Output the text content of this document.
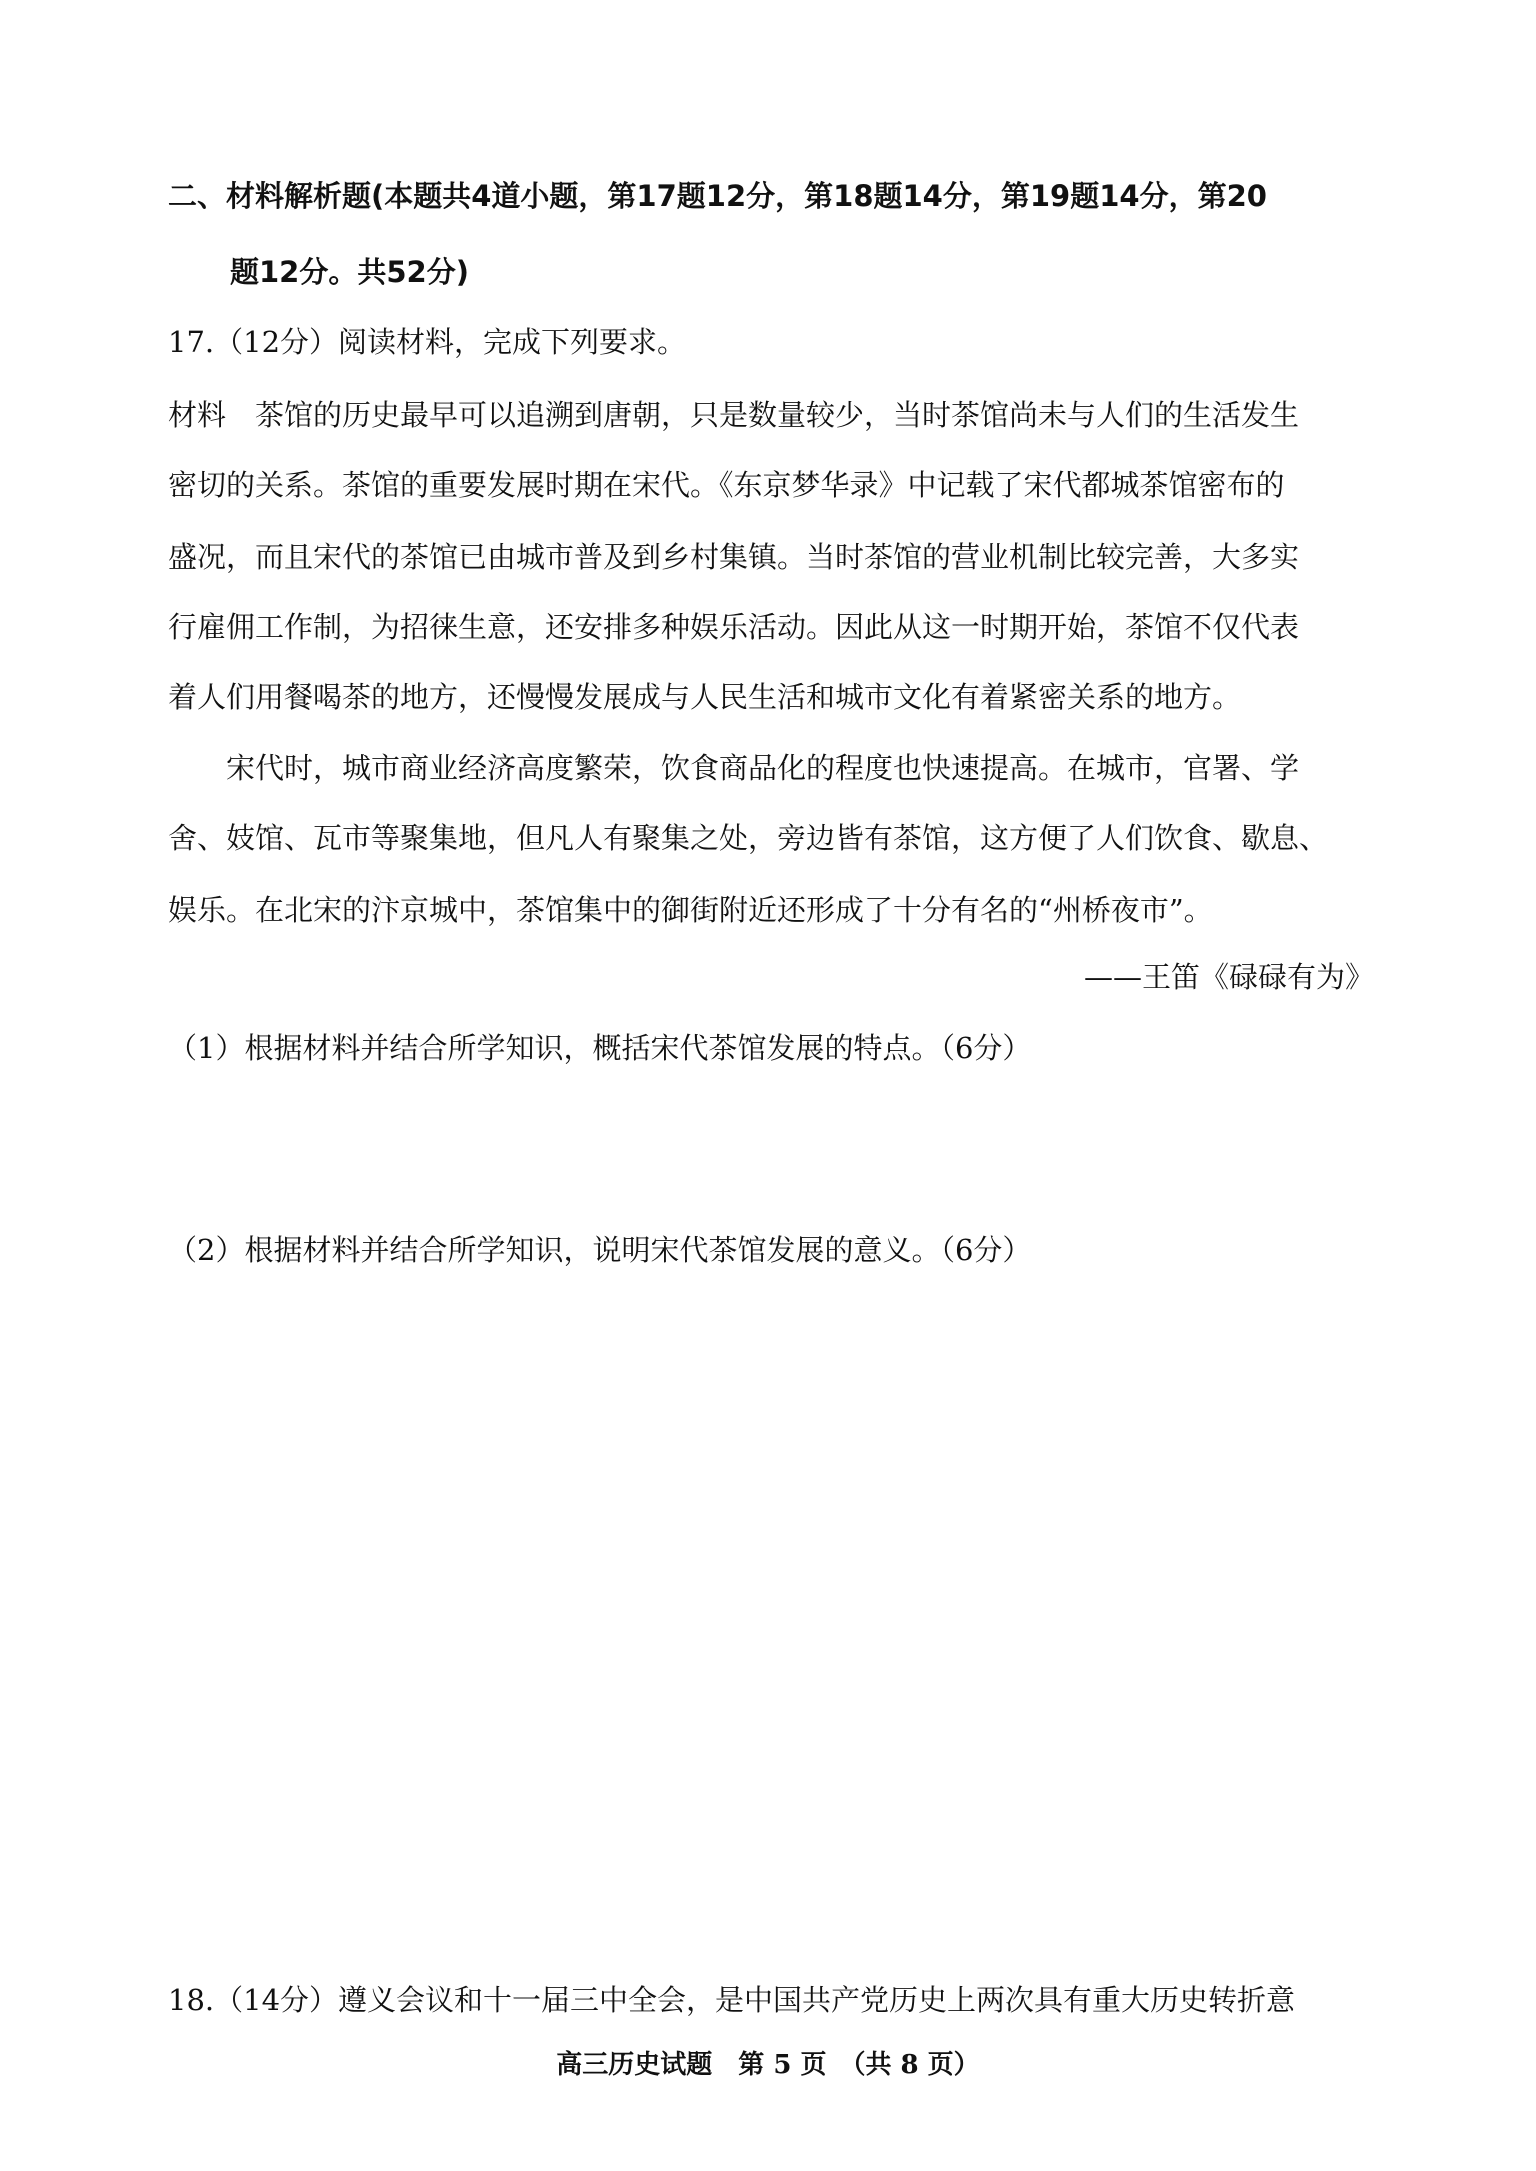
二、材料解析题(本题共4道小题，第17题12分，第18题14分，第19题14分，第20
题12分。共52分)
17.（12分）阅读材料，完成下列要求。
材料　茶馆的历史最早可以追溯到唐朝，只是数量较少，当时茶馆尚未与人们的生活发生
密切的关系。茶馆的重要发展时期在宋代。《东京梦华录》中记载了宋代都城茶馆密布的
盛况，而且宋代的茶馆已由城市普及到乡村集镇。当时茶馆的营业机制比较完善，大多实
行雇佣工作制，为招徕生意，还安排多种娱乐活动。因此从这一时期开始，茶馆不仅代表
着人们用餐喝茶的地方，还慢慢发展成与人民生活和城市文化有着紧密关系的地方。
　　宋代时，城市商业经济高度繁荣，饮食商品化的程度也快速提高。在城市，官署、学
舍、妓馆、瓦市等聚集地，但凡人有聚集之处，旁边皆有茶馆，这方便了人们饮食、歇息、
娱乐。在北宋的汴京城中，茶馆集中的御街附近还形成了十分有名的“州桥夜市”。
——王笛《碌碌有为》
（1）根据材料并结合所学知识，概括宋代茶馆发展的特点。（6分）
（2）根据材料并结合所学知识，说明宋代茶馆发展的意义。（6分）
18.（14分）遵义会议和十一届三中全会，是中国共产党历史上两次具有重大历史转折意
高三历史试题　第 5 页　（共 8 页）
